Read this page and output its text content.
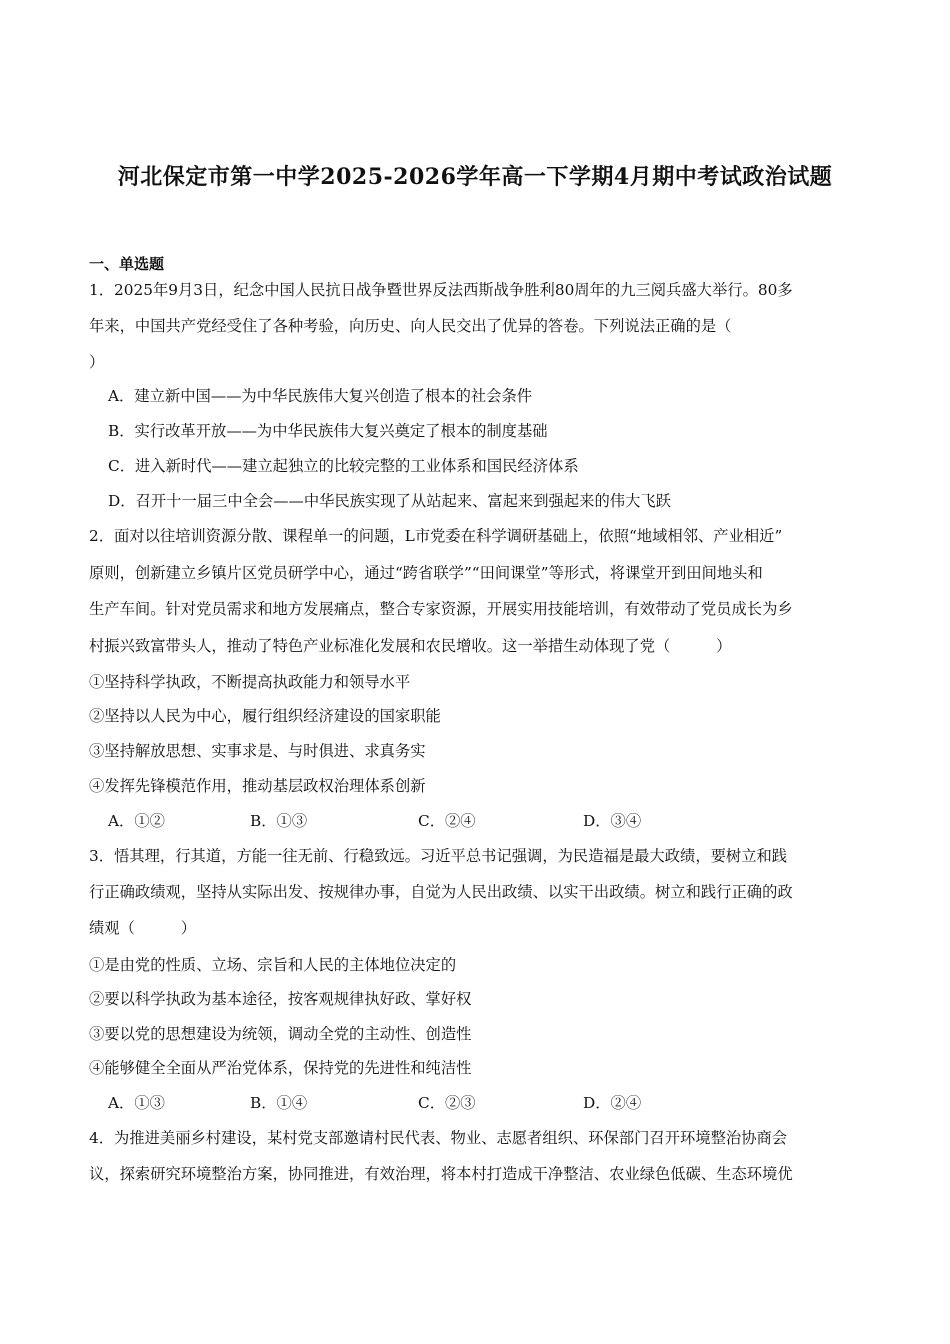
河北保定市第一中学2025-2026学年高一下学期4月期中考试政治试题
一、单选题
1．2025年9月3日，纪念中国人民抗日战争暨世界反法西斯战争胜利80周年的九三阅兵盛大举行。80多
年来，中国共产党经受住了各种考验，向历史、向人民交出了优异的答卷。下列说法正确的是（
）
A．建立新中国——为中华民族伟大复兴创造了根本的社会条件
B．实行改革开放——为中华民族伟大复兴奠定了根本的制度基础
C．进入新时代——建立起独立的比较完整的工业体系和国民经济体系
D．召开十一届三中全会——中华民族实现了从站起来、富起来到强起来的伟大飞跃
2．面对以往培训资源分散、课程单一的问题，L市党委在科学调研基础上，依照“地域相邻、产业相近”
原则，创新建立乡镇片区党员研学中心，通过“跨省联学”“田间课堂”等形式，将课堂开到田间地头和
生产车间。针对党员需求和地方发展痛点，整合专家资源，开展实用技能培训，有效带动了党员成长为乡
村振兴致富带头人，推动了特色产业标准化发展和农民增收。这一举措生动体现了党（　　　）
①坚持科学执政，不断提高执政能力和领导水平
②坚持以人民为中心，履行组织经济建设的国家职能
③坚持解放思想、实事求是、与时俱进、求真务实
④发挥先锋模范作用，推动基层政权治理体系创新
A．①②	B．①③	C．②④	D．③④
3．悟其理，行其道，方能一往无前、行稳致远。习近平总书记强调，为民造福是最大政绩，要树立和践
行正确政绩观，坚持从实际出发、按规律办事，自觉为人民出政绩、以实干出政绩。树立和践行正确的政
绩观（　　　）
①是由党的性质、立场、宗旨和人民的主体地位决定的
②要以科学执政为基本途径，按客观规律执好政、掌好权
③要以党的思想建设为统领，调动全党的主动性、创造性
④能够健全全面从严治党体系，保持党的先进性和纯洁性
A．①③	B．①④	C．②③	D．②④
4．为推进美丽乡村建设，某村党支部邀请村民代表、物业、志愿者组织、环保部门召开环境整治协商会
议，探索研究环境整治方案，协同推进，有效治理，将本村打造成干净整洁、农业绿色低碳、生态环境优
